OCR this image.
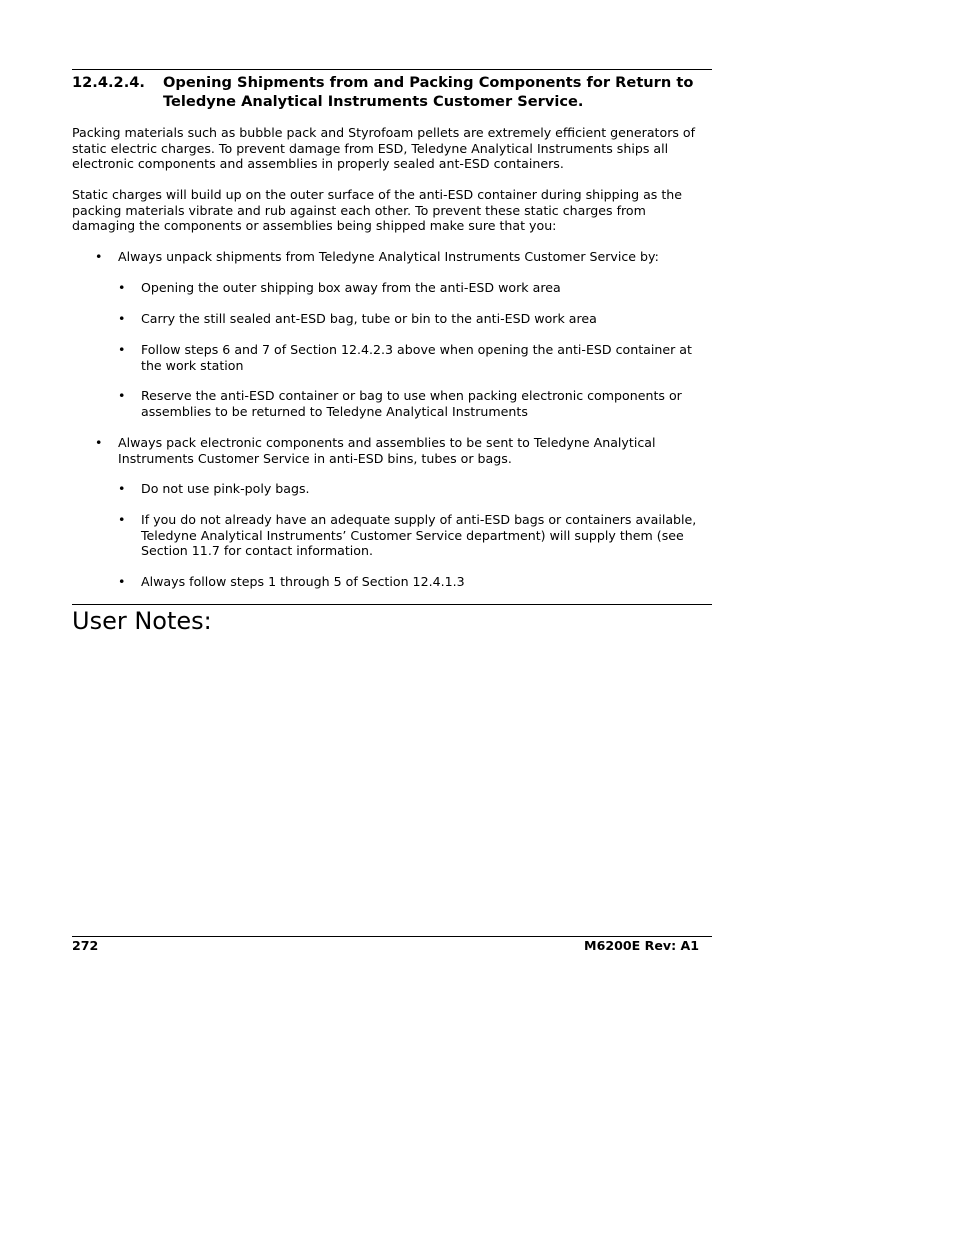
12.4.2.4. Opening Shipments from and Packing Components for Return to
Teledyne Analytical Instruments Customer Service.
Packing materials such as bubble pack and Styrofoam pellets are extremely efficient generators of static electric charges. To prevent damage from ESD, Teledyne Analytical Instruments ships all electronic components and assemblies in properly sealed ant-ESD containers.
Static charges will build up on the outer surface of the anti-ESD container during shipping as the packing materials vibrate and rub against each other. To prevent these static charges from damaging the components or assemblies being shipped make sure that you:
• Always unpack shipments from Teledyne Analytical Instruments Customer Service by:
• Opening the outer shipping box away from the anti-ESD work area
• Carry the still sealed ant-ESD bag, tube or bin to the anti-ESD work area
• Follow steps 6 and 7 of Section 12.4.2.3 above when opening the anti-ESD container at the work station
• Reserve the anti-ESD container or bag to use when packing electronic components or assemblies to be returned to Teledyne Analytical Instruments
• Always pack electronic components and assemblies to be sent to Teledyne Analytical Instruments Customer Service in anti-ESD bins, tubes or bags.
• Do not use pink-poly bags.
• If you do not already have an adequate supply of anti-ESD bags or containers available, Teledyne Analytical Instruments’ Customer Service department) will supply them (see Section 11.7 for contact information.
• Always follow steps 1 through 5 of Section 12.4.1.3
User Notes:
272	M6200E Rev: A1
